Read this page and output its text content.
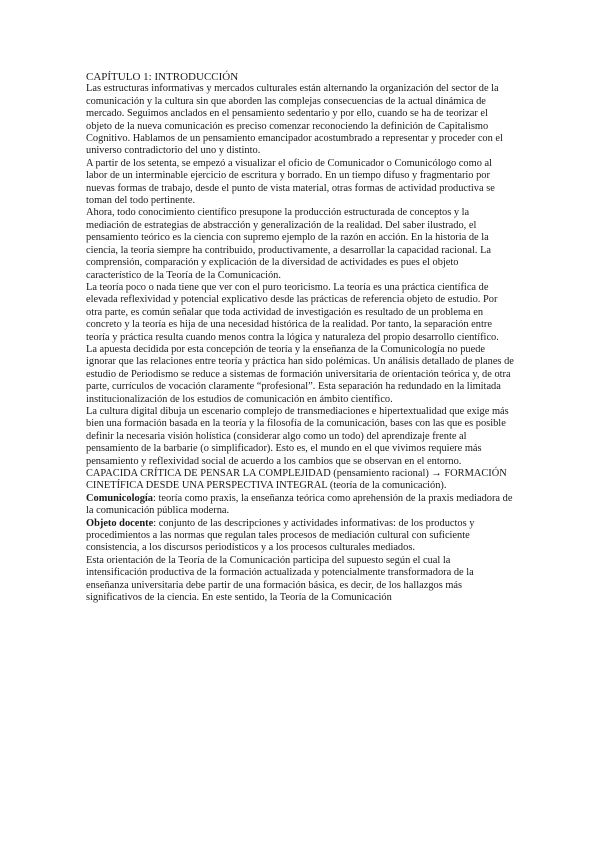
CAPÍTULO 1: INTRODUCCIÓN

Las estructuras informativas y mercados culturales están alternando la organización del sector de la comunicación y la cultura sin que aborden las complejas consecuencias de la actual dinámica de mercado. Seguimos anclados en el pensamiento sedentario y por ello, cuando se ha de teorizar el objeto de la nueva comunicación es preciso comenzar reconociendo la definición de Capitalismo Cognitivo. Hablamos de un pensamiento emancipador acostumbrado a representar y proceder con el universo contradictorio del uno y distinto.

A partir de los setenta, se empezó a visualizar el oficio de Comunicador o Comunicólogo como al labor de un interminable ejercicio de escritura y borrado. En un tiempo difuso y fragmentario por nuevas formas de trabajo, desde el punto de vista material, otras formas de actividad productiva se toman del todo pertinente.

Ahora, todo conocimiento científico presupone la producción estructurada de conceptos y la mediación de estrategias de abstracción y generalización de la realidad. Del saber ilustrado, el pensamiento teórico es la ciencia con supremo ejemplo de la razón en acción. En la historia de la ciencia, la teoría siempre ha contribuido, productivamente, a desarrollar la capacidad racional. La comprensión, comparación y explicación de la diversidad de actividades es pues el objeto característico de la Teoría de la Comunicación.

La teoría poco o nada tiene que ver con el puro teoricismo. La teoría es una práctica científica de elevada reflexividad y potencial explicativo desde las prácticas de referencia objeto de estudio. Por otra parte, es común señalar que toda actividad de investigación es resultado de un problema en concreto y la teoría es hija de una necesidad histórica de la realidad. Por tanto, la separación entre teoría y práctica resulta cuando menos contra la lógica y naturaleza del propio desarrollo científico.

La apuesta decidida por esta concepción de teoría y la enseñanza de la Comunicología no puede ignorar que las relaciones entre teoría y práctica han sido polémicas. Un análisis detallado de planes de estudio de Periodismo se reduce a sistemas de formación universitaria de orientación teórica y, de otra parte, currículos de vocación claramente “profesional”. Esta separación ha redundado en la limitada institucionalización de los estudios de comunicación en ámbito científico.

La cultura digital dibuja un escenario complejo de transmediaciones e hipertextualidad que exige más bien una formación basada en la teoría y la filosofía de la comunicación, bases con las que es posible definir la necesaria visión holística (considerar algo como un todo) del aprendizaje frente al pensamiento de la barbarie (o simplificador). Esto es, el mundo en el que vivimos requiere más pensamiento y reflexividad social de acuerdo a los cambios que se observan en el entorno.

CAPACIDA CRÍTICA DE PENSAR LA COMPLEJIDAD (pensamiento racional) → FORMACIÓN CINETÍFICA DESDE UNA PERSPECTIVA INTEGRAL (teoría de la comunicación).

Comunicología: teoría como praxis, la enseñanza teórica como aprehensión de la praxis mediadora de la comunicación pública moderna.

Objeto docente: conjunto de las descripciones y actividades informativas: de los productos y procedimientos a las normas que regulan tales procesos de mediación cultural con suficiente consistencia, a los discursos periodísticos y a los procesos culturales mediados.

Esta orientación de la Teoría de la Comunicación participa del supuesto según el cual la intensificación productiva de la formación actualizada y potencialmente transformadora de la enseñanza universitaria debe partir de una formación básica, es decir, de los hallazgos más significativos de la ciencia. En este sentido, la Teoría de la Comunicación
